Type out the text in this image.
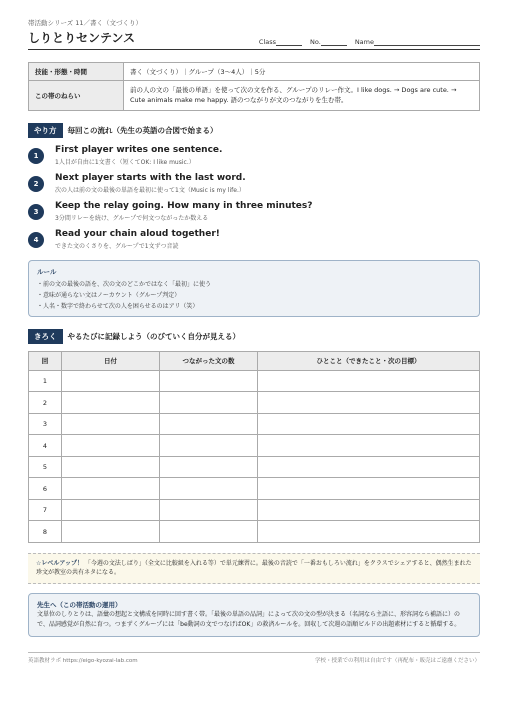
帯活動シリーズ 11／書く（文づくり）
しりとりセンテンス	Class	No.	Name
技能・形態・時間	書く（文づくり）｜グループ（3〜4人）｜5分
この帯のねらい	前の人の文の「最後の単語」を使って次の文を作る、グループのリレー作文。I like dogs. → Dogs are cute. → Cute animals make me happy. 語のつながりが文のつながりを生む帯。
やり方	毎回この流れ（先生の英語の合図で始まる）
1
First player writes one sentence.
1人目が自由に1文書く（短くてOK: I like music.）
2
Next player starts with the last word.
次の人は前の文の最後の単語を最初に使って1文（Music is my life.）
3
Keep the relay going. How many in three minutes?
3分間リレーを続け、グループで何文つながったか数える
4
Read your chain aloud together!
できた文のくさりを、グループで1文ずつ音読
ルール
・前の文の最後の語を、次の文のどこかではなく「最初」に使う
・意味が通らない文はノーカウント（グループ判定）
・人名・数字で終わらせて次の人を困らせるのはアリ（笑）
きろく	やるたびに記録しよう（のびていく自分が見える）
回	日付	つながった文の数	ひとこと（できたこと・次の目標）
1			
2			
3			
4			
5			
6			
7			
8			
☆レベルアップ！ 「今週の文法しばり」（全文に比較級を入れる等）で単元練習に。最後の音読で「一番おもしろい流れ」をクラスでシェアすると、偶然生まれた珍文が教室の共有ネタになる。
先生へ（この帯活動の運用）
文単位のしりとりは、語彙の想起と文構成を同時に回す書く帯。「最後の単語の品詞」によって次の文の型が決まる（名詞なら主語に、形容詞なら補語に）ので、品詞感覚が自然に育つ。つまずくグループには「be動詞の文でつなげばOK」の救済ルールを。回収して次週の語順ビルドの出題素材にすると循環する。
英語教材ラボ https://eigo-kyozai-lab.com	学校・授業での利用は自由です（再配布・販売はご遠慮ください）
